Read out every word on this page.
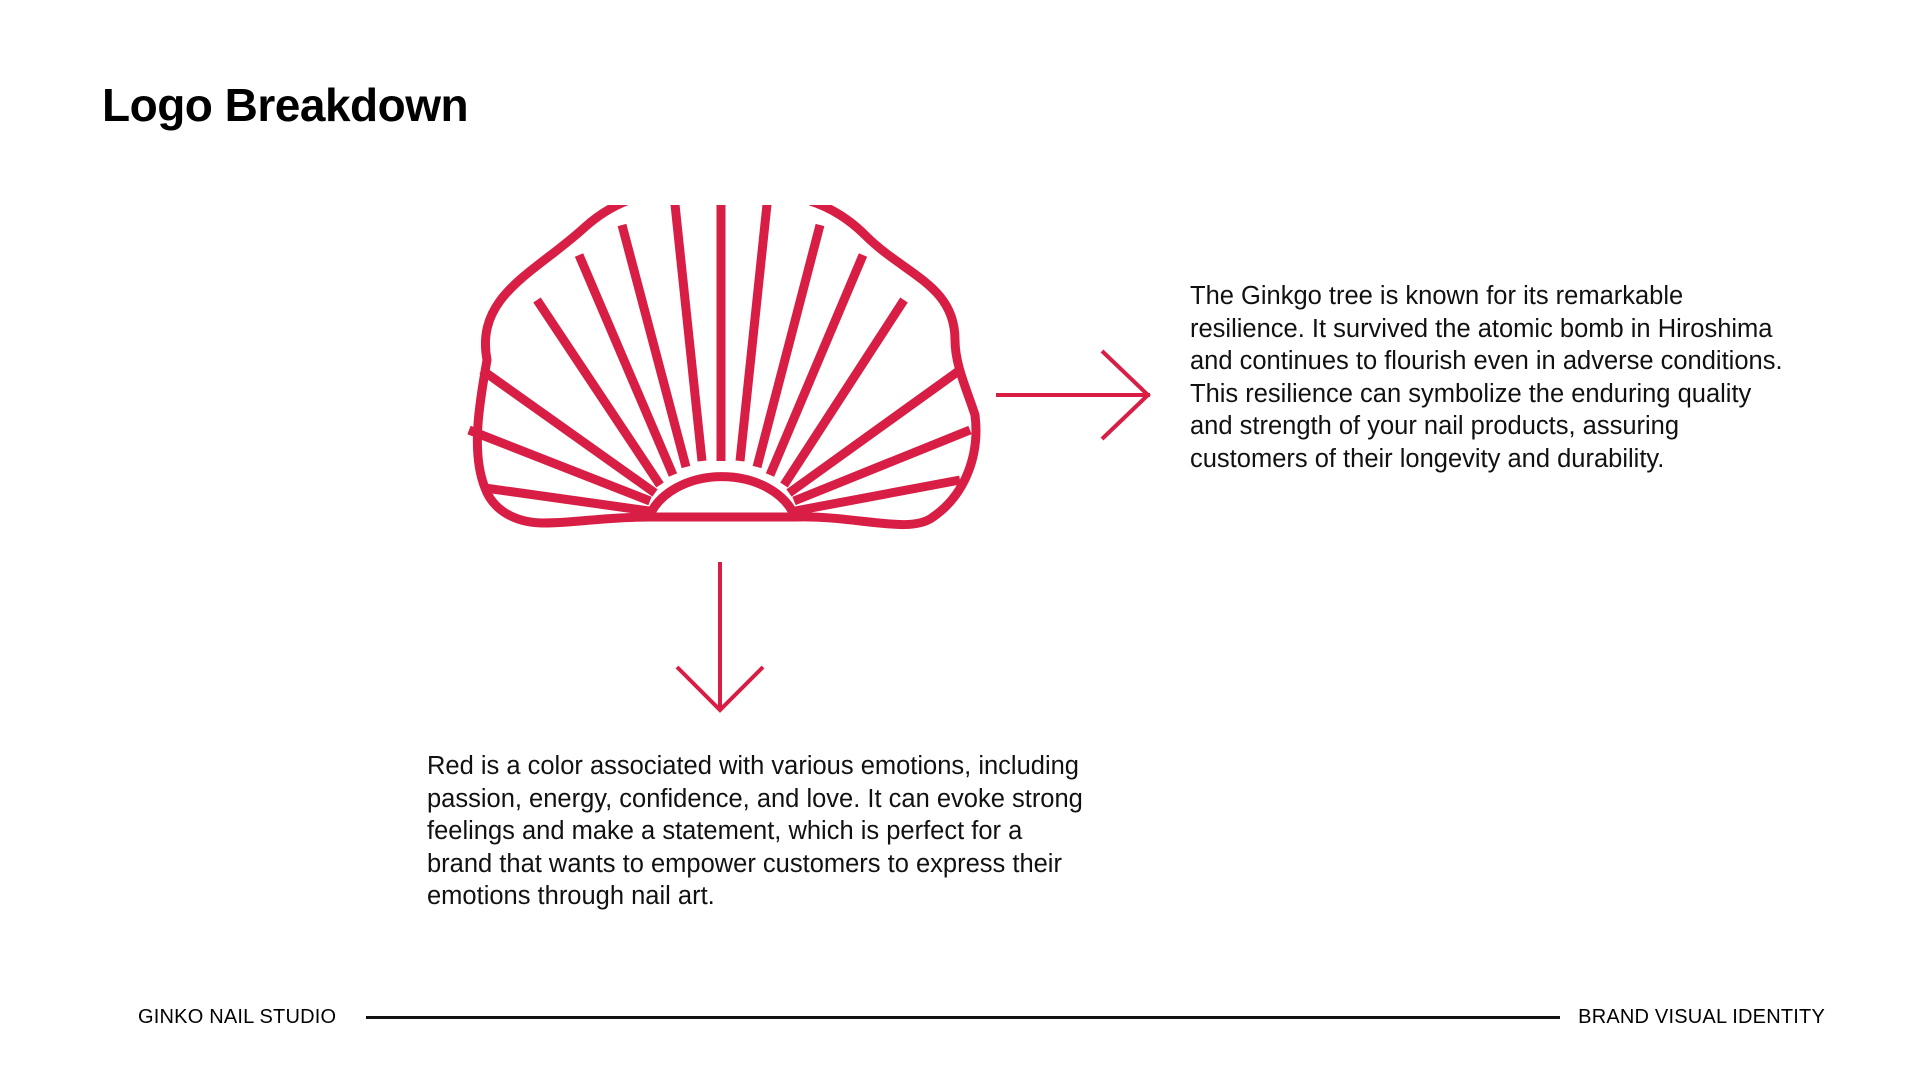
Logo Breakdown

The Ginkgo tree is known for its remarkable resilience. It survived the atomic bomb in Hiroshima and continues to flourish even in adverse conditions. This resilience can symbolize the enduring quality and strength of your nail products, assuring customers of their longevity and durability.

Red is a color associated with various emotions, including passion, energy, confidence, and love. It can evoke strong feelings and make a statement, which is perfect for a brand that wants to empower customers to express their emotions through nail art.

GINKO NAIL STUDIO	BRAND VISUAL IDENTITY
